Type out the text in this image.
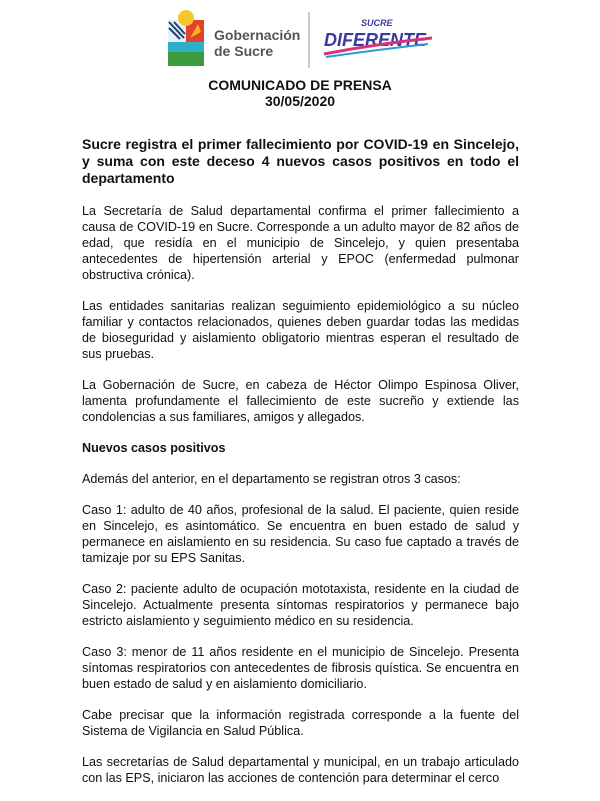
Gobernación
de Sucre
SUCRE
DIFERENTE
COMUNICADO DE PRENSA
30/05/2020

Sucre registra el primer fallecimiento por COVID-19 en Sincelejo, y suma con este deceso 4 nuevos casos positivos en todo el departamento

La Secretaría de Salud departamental confirma el primer fallecimiento a causa de COVID-19 en Sucre. Corresponde a un adulto mayor de 82 años de edad, que residía en el municipio de Sincelejo, y quien presentaba antecedentes de hipertensión arterial y EPOC (enfermedad pulmonar obstructiva crónica).

Las entidades sanitarias realizan seguimiento epidemiológico a su núcleo familiar y contactos relacionados, quienes deben guardar todas las medidas de bioseguridad y aislamiento obligatorio mientras esperan el resultado de sus pruebas.

La Gobernación de Sucre, en cabeza de Héctor Olimpo Espinosa Oliver, lamenta profundamente el fallecimiento de este sucreño y extiende las condolencias a sus familiares, amigos y allegados.

Nuevos casos positivos

Además del anterior, en el departamento se registran otros 3 casos:

Caso 1: adulto de 40 años, profesional de la salud. El paciente, quien reside en Sincelejo, es asintomático. Se encuentra en buen estado de salud y permanece en aislamiento en su residencia. Su caso fue captado a través de tamizaje por su EPS Sanitas.

Caso 2: paciente adulto de ocupación mototaxista, residente en la ciudad de Sincelejo. Actualmente presenta síntomas respiratorios y permanece bajo estricto aislamiento y seguimiento médico en su residencia.

Caso 3: menor de 11 años residente en el municipio de Sincelejo. Presenta síntomas respiratorios con antecedentes de fibrosis quística. Se encuentra en buen estado de salud y en aislamiento domiciliario.

Cabe precisar que la información registrada corresponde a la fuente del Sistema de Vigilancia en Salud Pública.

Las secretarías de Salud departamental y municipal, en un trabajo articulado con las EPS, iniciaron las acciones de contención para determinar el cerco
